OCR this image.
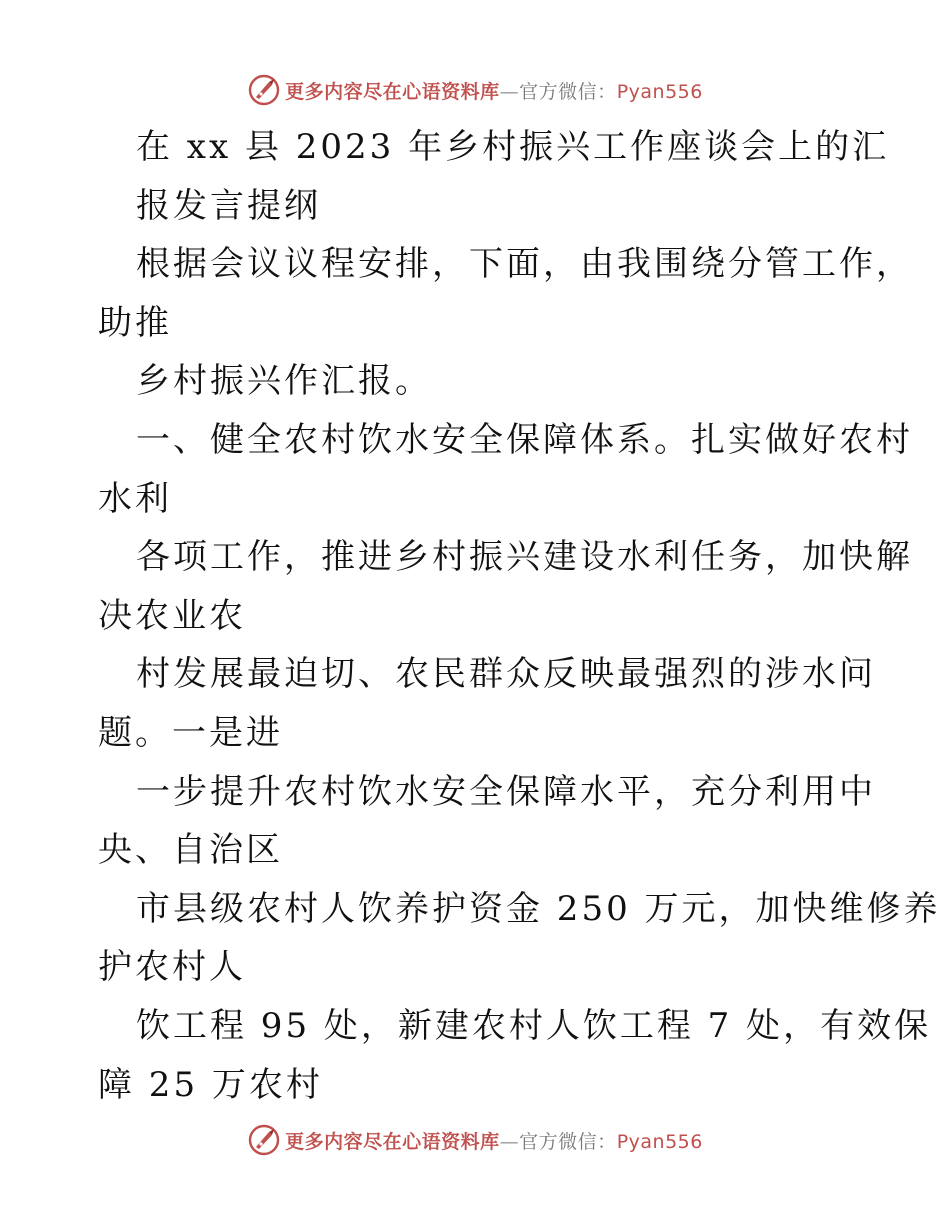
更多内容尽在心语资料库—官方微信：Pyan556
在 xx 县 2023 年乡村振兴工作座谈会上的汇
报发言提纲
根据会议议程安排，下面，由我围绕分管工作，
助推
乡村振兴作汇报。
一、健全农村饮水安全保障体系。扎实做好农村
水利
各项工作，推进乡村振兴建设水利任务，加快解
决农业农
村发展最迫切、农民群众反映最强烈的涉水问
题。一是进
一步提升农村饮水安全保障水平，充分利用中
央、自治区
市县级农村人饮养护资金 250 万元，加快维修养
护农村人
饮工程 95 处，新建农村人饮工程 7 处，有效保
障 25 万农村
更多内容尽在心语资料库—官方微信：Pyan556
